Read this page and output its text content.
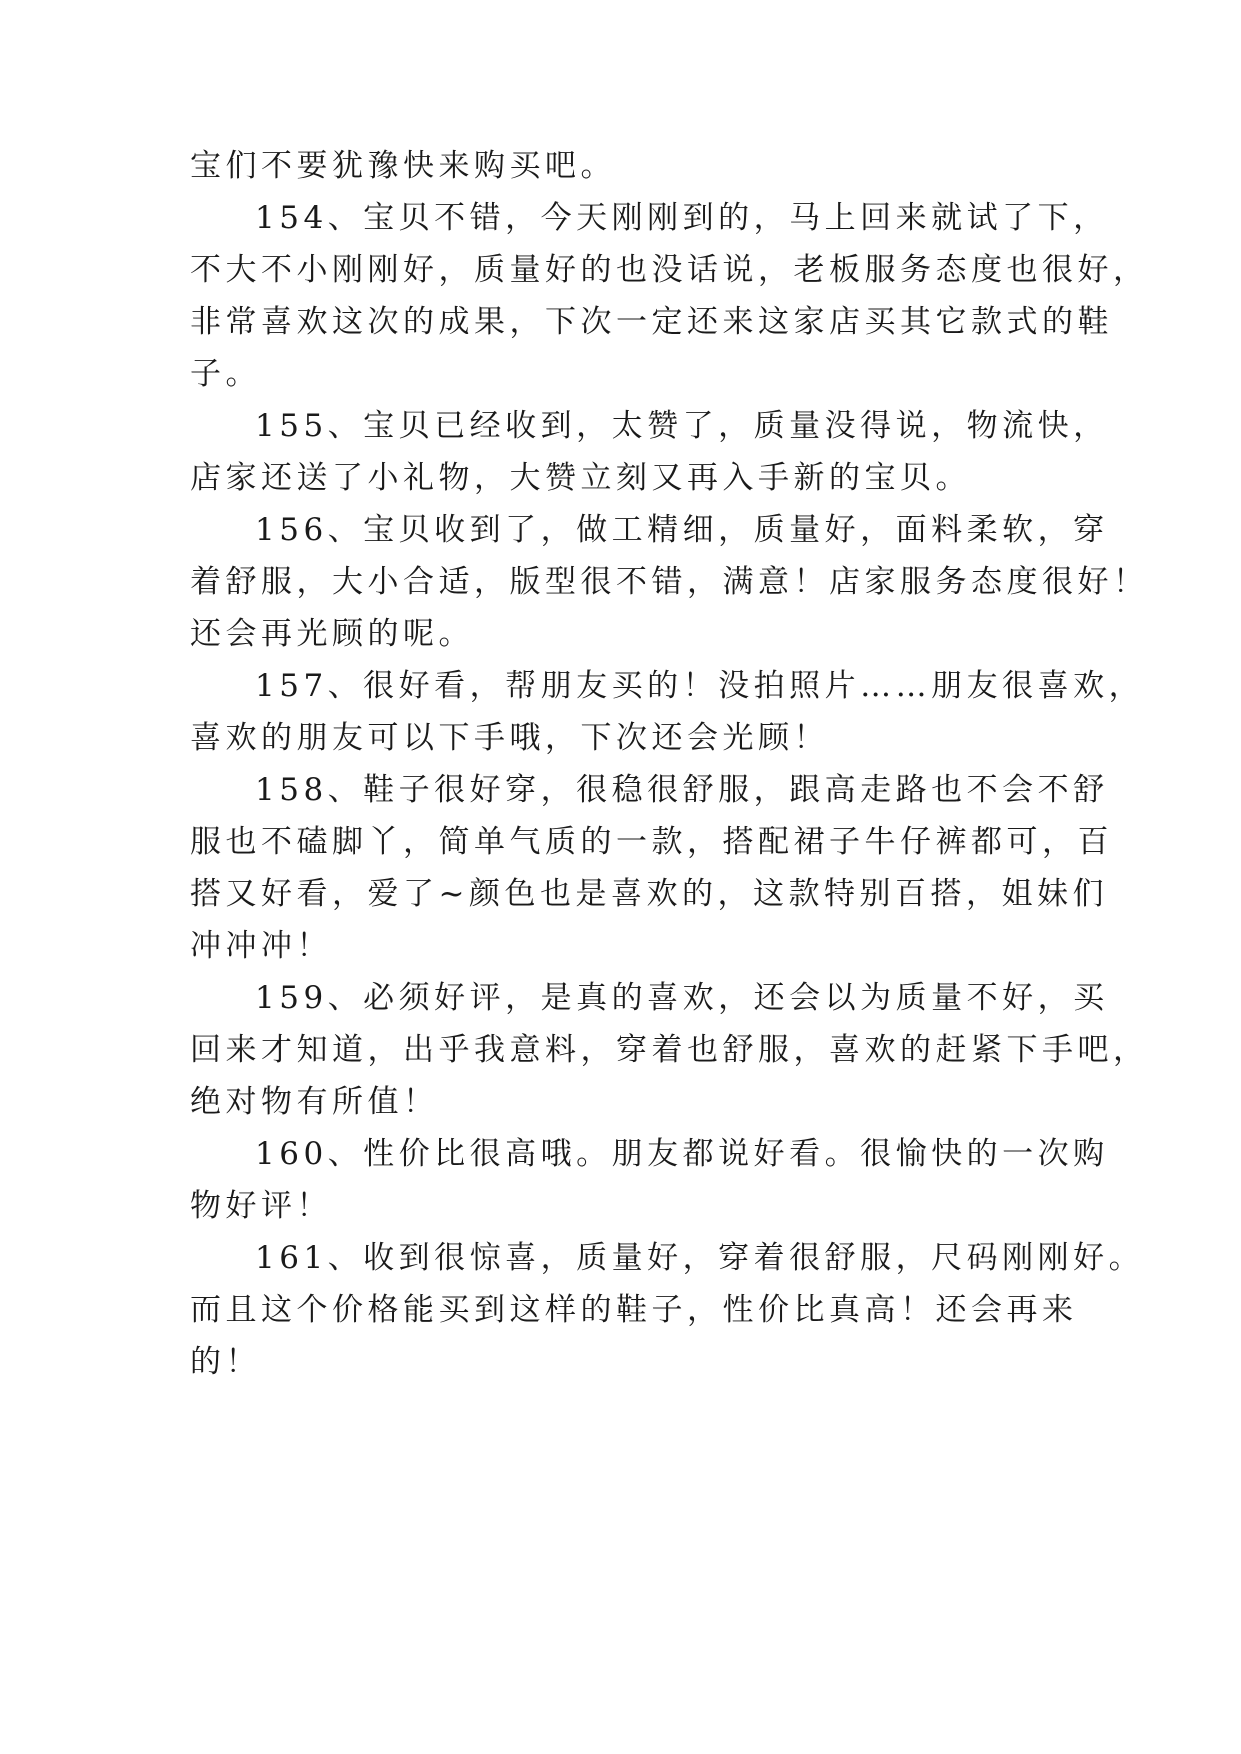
宝们不要犹豫快来购买吧。

154、宝贝不错，今天刚刚到的，马上回来就试了下，

不大不小刚刚好，质量好的也没话说，老板服务态度也很好，

非常喜欢这次的成果，下次一定还来这家店买其它款式的鞋

子。

155、宝贝已经收到，太赞了，质量没得说，物流快，

店家还送了小礼物，大赞立刻又再入手新的宝贝。

156、宝贝收到了，做工精细，质量好，面料柔软，穿

着舒服，大小合适，版型很不错，满意！店家服务态度很好！

还会再光顾的呢。

157、很好看，帮朋友买的！没拍照片……朋友很喜欢，

喜欢的朋友可以下手哦，下次还会光顾！

158、鞋子很好穿，很稳很舒服，跟高走路也不会不舒

服也不磕脚丫，简单气质的一款，搭配裙子牛仔裤都可，百

搭又好看，爱了~颜色也是喜欢的，这款特别百搭，姐妹们

冲冲冲！

159、必须好评，是真的喜欢，还会以为质量不好，买

回来才知道，出乎我意料，穿着也舒服，喜欢的赶紧下手吧，

绝对物有所值！

160、性价比很高哦。朋友都说好看。很愉快的一次购

物好评！

161、收到很惊喜，质量好，穿着很舒服，尺码刚刚好。

而且这个价格能买到这样的鞋子，性价比真高！还会再来

的！
